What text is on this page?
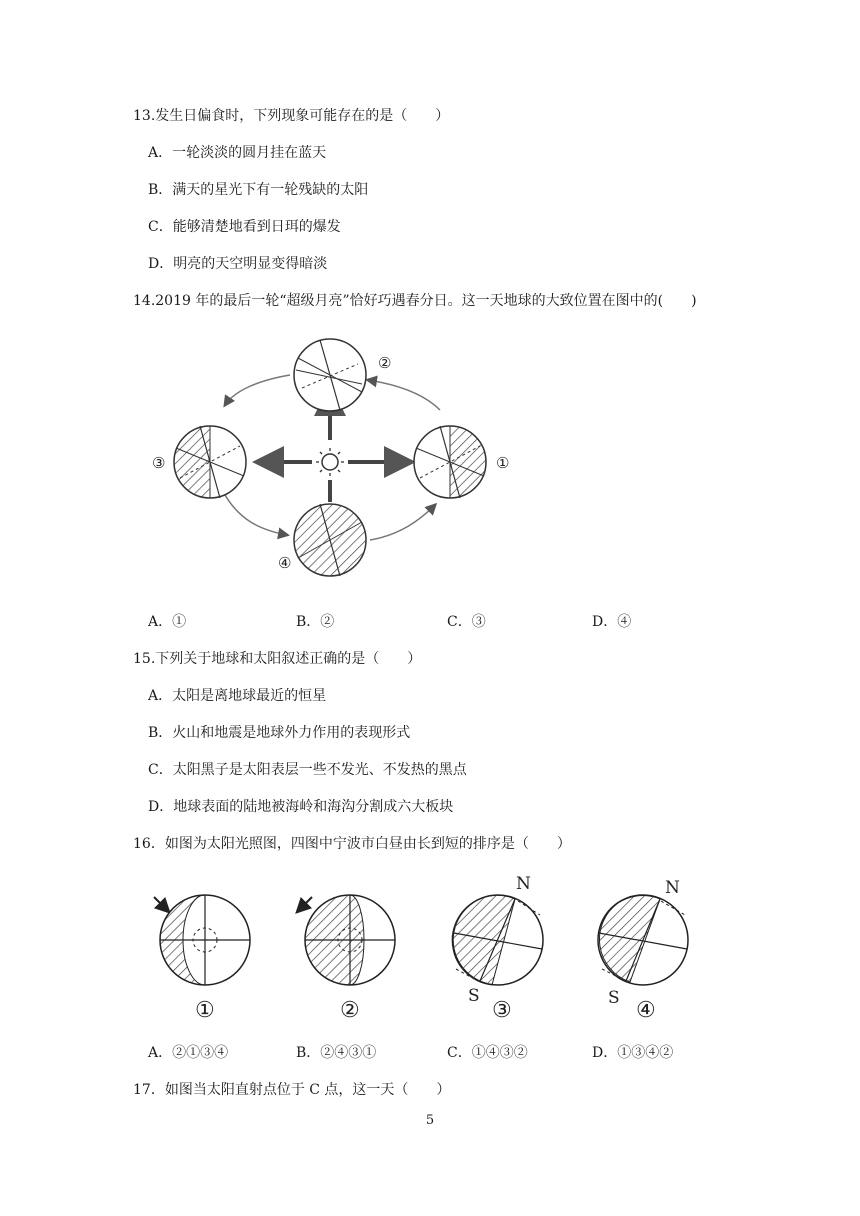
13.发生日偏食时，下列现象可能存在的是（　　）
A．一轮淡淡的圆月挂在蓝天
B．满天的星光下有一轮残缺的太阳
C．能够清楚地看到日珥的爆发
D．明亮的天空明显变得暗淡
14.2019 年的最后一轮“超级月亮”恰好巧遇春分日。这一天地球的大致位置在图中的(　　)
②
③	①
④
A．①	B．②	C．③	D．④
15.下列关于地球和太阳叙述正确的是（　　）
A．太阳是离地球最近的恒星
B．火山和地震是地球外力作用的表现形式
C．太阳黑子是太阳表层一些不发光、不发热的黑点
D．地球表面的陆地被海岭和海沟分割成六大板块
16．如图为太阳光照图，四图中宁波市白昼由长到短的排序是（　　）
①	②
N
S
③
N
S ④
A．②①③④	B．②④③①	C．①④③②	D．①③④②
17．如图当太阳直射点位于 C 点，这一天（　　）
5
